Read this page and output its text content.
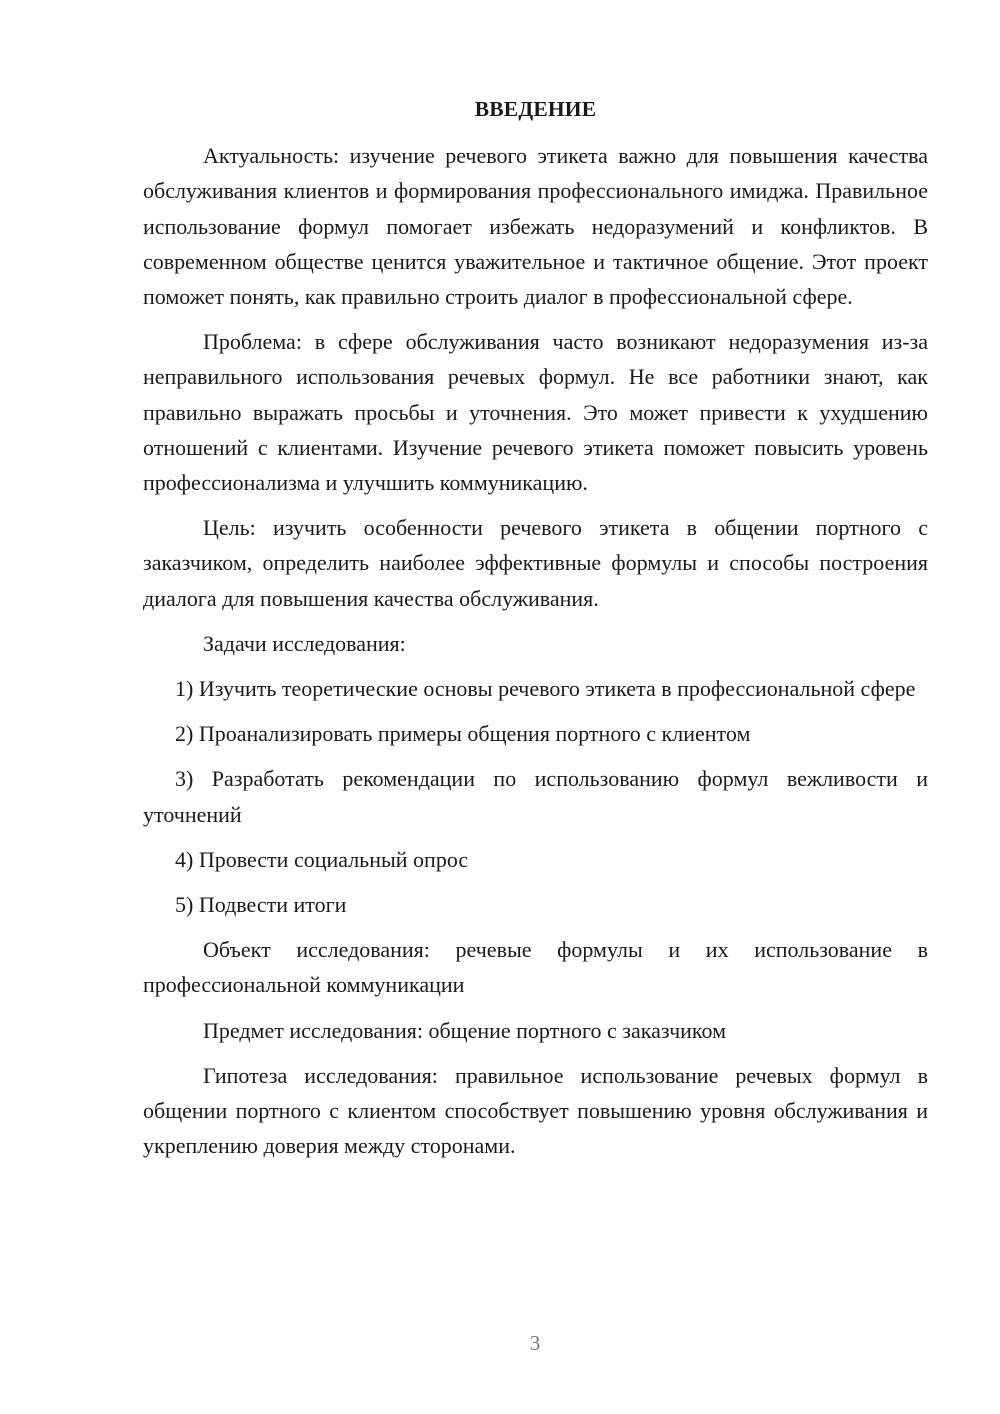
ВВЕДЕНИЕ

Актуальность: изучение речевого этикета важно для повышения качества обслуживания клиентов и формирования профессионального имиджа. Правильное использование формул помогает избежать недоразумений и конфликтов. В современном обществе ценится уважительное и тактичное общение. Этот проект поможет понять, как правильно строить диалог в профессиональной сфере.

Проблема: в сфере обслуживания часто возникают недоразумения из-за неправильного использования речевых формул. Не все работники знают, как правильно выражать просьбы и уточнения. Это может привести к ухудшению отношений с клиентами. Изучение речевого этикета поможет повысить уровень профессионализма и улучшить коммуникацию.

Цель: изучить особенности речевого этикета в общении портного с заказчиком, определить наиболее эффективные формулы и способы построения диалога для повышения качества обслуживания.

Задачи исследования:

1) Изучить теоретические основы речевого этикета в профессиональной сфере

2) Проанализировать примеры общения портного с клиентом

3) Разработать рекомендации по использованию формул вежливости и уточнений

4) Провести социальный опрос

5) Подвести итоги

Объект исследования: речевые формулы и их использование в профессиональной коммуникации

Предмет исследования: общение портного с заказчиком

Гипотеза исследования: правильное использование речевых формул в общении портного с клиентом способствует повышению уровня обслуживания и укреплению доверия между сторонами.

3
